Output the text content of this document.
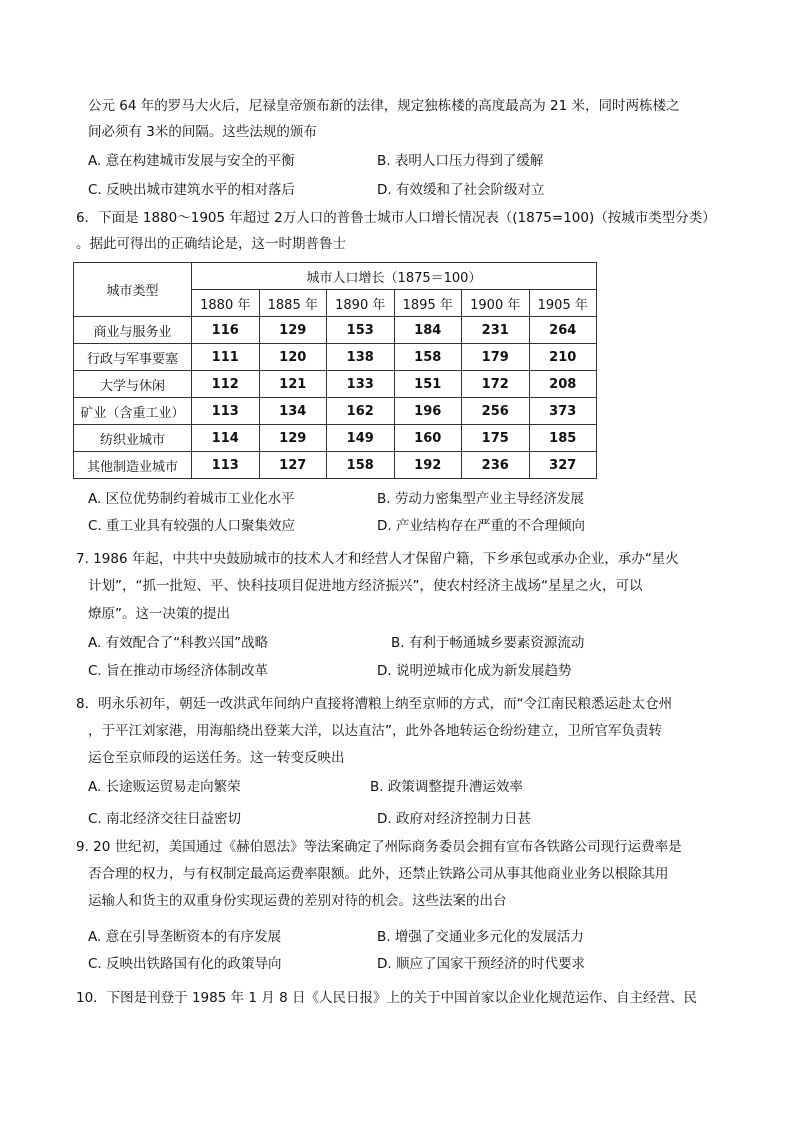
公元 64 年的罗马大火后，尼禄皇帝颁布新的法律，规定独栋楼的高度最高为 21 米，同时两栋楼之
间必须有 3米的间隔。这些法规的颁布
A. 意在构建城市发展与安全的平衡	B. 表明人口压力得到了缓解
C. 反映出城市建筑水平的相对落后	D. 有效缓和了社会阶级对立
6．下面是 1880～1905 年超过 2万人口的普鲁士城市人口增长情况表（(1875=100)（按城市类型分类）
。据此可得出的正确结论是，这一时期普鲁士
城市类型	城市人口增长（1875＝100）					
	1880 年	1885 年	1890 年	1895 年	1900 年	1905 年
商业与服务业	116	129	153	184	231	264
行政与军事要塞	111	120	138	158	179	210
大学与休闲	112	121	133	151	172	208
矿业（含重工业）	113	134	162	196	256	373
纺织业城市	114	129	149	160	175	185
其他制造业城市	113	127	158	192	236	327
A. 区位优势制约着城市工业化水平	B. 劳动力密集型产业主导经济发展
C. 重工业具有较强的人口聚集效应	D. 产业结构存在严重的不合理倾向
7. 1986 年起，中共中央鼓励城市的技术人才和经营人才保留户籍，下乡承包或承办企业，承办“星火
计划”，“抓一批短、平、快科技项目促进地方经济振兴”，使农村经济主战场“星星之火，可以
燎原”。这一决策的提出
A. 有效配合了“科教兴国”战略	B. 有利于畅通城乡要素资源流动
C. 旨在推动市场经济体制改革	D. 说明逆城市化成为新发展趋势
8．明永乐初年，朝廷一改洪武年间纳户直接将漕粮上纳至京师的方式，而“令江南民粮悉运赴太仓州
，于平江刘家港，用海船绕出登莱大洋，以达直沽”，此外各地转运仓纷纷建立，卫所官军负责转
运仓至京师段的运送任务。这一转变反映出
A. 长途贩运贸易走向繁荣	B. 政策调整提升漕运效率
C. 南北经济交往日益密切	D. 政府对经济控制力日甚
9. 20 世纪初，美国通过《赫伯恩法》等法案确定了州际商务委员会拥有宣布各铁路公司现行运费率是
否合理的权力，与有权制定最高运费率限额。此外，还禁止铁路公司从事其他商业业务以根除其用
运输人和货主的双重身份实现运费的差别对待的机会。这些法案的出台
A. 意在引导垄断资本的有序发展	B. 增强了交通业多元化的发展活力
C. 反映出铁路国有化的政策导向	D. 顺应了国家干预经济的时代要求
10．下图是刊登于 1985 年 1 月 8 日《人民日报》上的关于中国首家以企业化规范运作、自主经营、民
